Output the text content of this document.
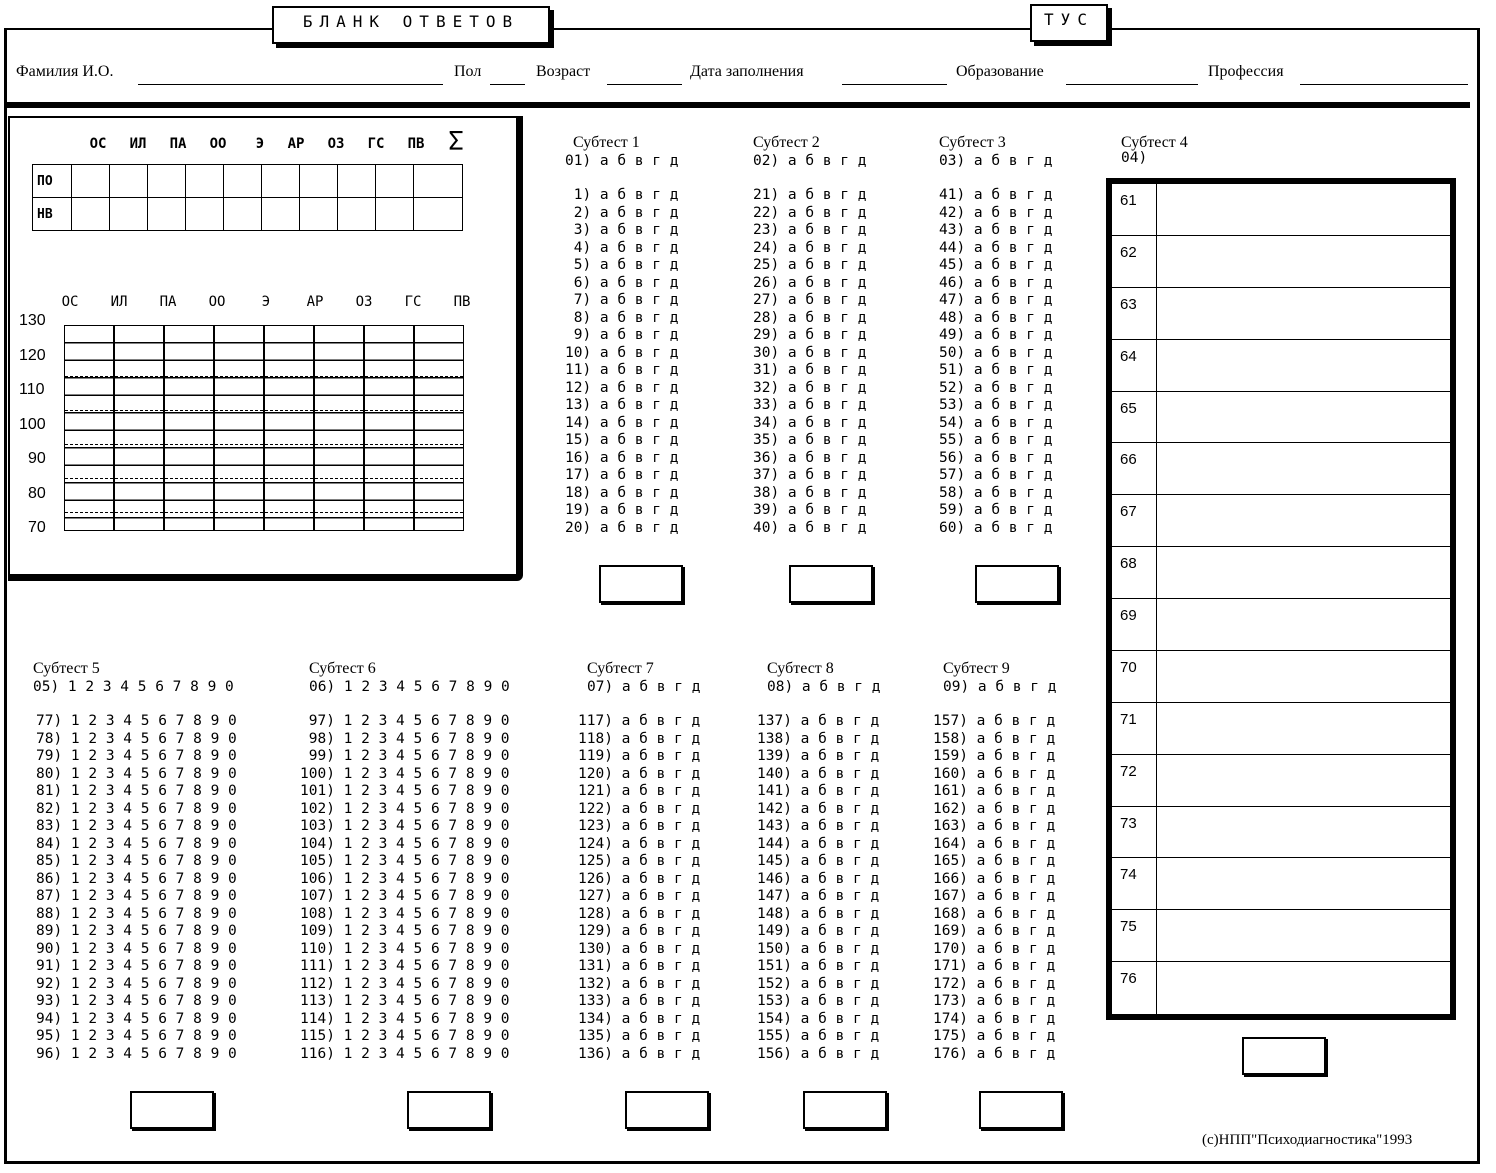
БЛАНК ОТВЕТОВ	ТУС
Фамилия И.О.	Пол	Возраст	Дата заполнения	Образование	Профессия
ОС	ИЛ	ПА	ОО	Э	АР	ОЗ	ГС	ПВ Σ
ПО										
НВ										
ОС	ИЛ	ПА	ОО	Э	АР	ОЗ	ГС	ПВ
130
120
110
100
90
80
70
Субтест 1
01) а б в г д
1) а б в г д
2) а б в г д
3) а б в г д
4) а б в г д
5) а б в г д
6) а б в г д
7) а б в г д
8) а б в г д
9) а б в г д
10) а б в г д
11) а б в г д
12) а б в г д
13) а б в г д
14) а б в г д
15) а б в г д
16) а б в г д
17) а б в г д
18) а б в г д
19) а б в г д
20) а б в г д
Субтест 2
02) а б в г д
21) а б в г д
22) а б в г д
23) а б в г д
24) а б в г д
25) а б в г д
26) а б в г д
27) а б в г д
28) а б в г д
29) а б в г д
30) а б в г д
31) а б в г д
32) а б в г д
33) а б в г д
34) а б в г д
35) а б в г д
36) а б в г д
37) а б в г д
38) а б в г д
39) а б в г д
40) а б в г д
Субтест 3
03) а б в г д
41) а б в г д
42) а б в г д
43) а б в г д
44) а б в г д
45) а б в г д
46) а б в г д
47) а б в г д
48) а б в г д
49) а б в г д
50) а б в г д
51) а б в г д
52) а б в г д
53) а б в г д
54) а б в г д
55) а б в г д
56) а б в г д
57) а б в г д
58) а б в г д
59) а б в г д
60) а б в г д
Субтест 4
04)
61
62
63
64
65
66
67
68
69
70
71
72
73
74
75
76
Субтест 5
05) 1 2 3 4 5 6 7 8 9 0
77) 1 2 3 4 5 6 7 8 9 0
78) 1 2 3 4 5 6 7 8 9 0
79) 1 2 3 4 5 6 7 8 9 0
80) 1 2 3 4 5 6 7 8 9 0
81) 1 2 3 4 5 6 7 8 9 0
82) 1 2 3 4 5 6 7 8 9 0
83) 1 2 3 4 5 6 7 8 9 0
84) 1 2 3 4 5 6 7 8 9 0
85) 1 2 3 4 5 6 7 8 9 0
86) 1 2 3 4 5 6 7 8 9 0
87) 1 2 3 4 5 6 7 8 9 0
88) 1 2 3 4 5 6 7 8 9 0
89) 1 2 3 4 5 6 7 8 9 0
90) 1 2 3 4 5 6 7 8 9 0
91) 1 2 3 4 5 6 7 8 9 0
92) 1 2 3 4 5 6 7 8 9 0
93) 1 2 3 4 5 6 7 8 9 0
94) 1 2 3 4 5 6 7 8 9 0
95) 1 2 3 4 5 6 7 8 9 0
96) 1 2 3 4 5 6 7 8 9 0
Субтест 6
06) 1 2 3 4 5 6 7 8 9 0
97) 1 2 3 4 5 6 7 8 9 0
98) 1 2 3 4 5 6 7 8 9 0
99) 1 2 3 4 5 6 7 8 9 0
100) 1 2 3 4 5 6 7 8 9 0
101) 1 2 3 4 5 6 7 8 9 0
102) 1 2 3 4 5 6 7 8 9 0
103) 1 2 3 4 5 6 7 8 9 0
104) 1 2 3 4 5 6 7 8 9 0
105) 1 2 3 4 5 6 7 8 9 0
106) 1 2 3 4 5 6 7 8 9 0
107) 1 2 3 4 5 6 7 8 9 0
108) 1 2 3 4 5 6 7 8 9 0
109) 1 2 3 4 5 6 7 8 9 0
110) 1 2 3 4 5 6 7 8 9 0
111) 1 2 3 4 5 6 7 8 9 0
112) 1 2 3 4 5 6 7 8 9 0
113) 1 2 3 4 5 6 7 8 9 0
114) 1 2 3 4 5 6 7 8 9 0
115) 1 2 3 4 5 6 7 8 9 0
116) 1 2 3 4 5 6 7 8 9 0
Субтест 7
07) а б в г д
117) а б в г д
118) а б в г д
119) а б в г д
120) а б в г д
121) а б в г д
122) а б в г д
123) а б в г д
124) а б в г д
125) а б в г д
126) а б в г д
127) а б в г д
128) а б в г д
129) а б в г д
130) а б в г д
131) а б в г д
132) а б в г д
133) а б в г д
134) а б в г д
135) а б в г д
136) а б в г д
Субтест 8
08) а б в г д
137) а б в г д
138) а б в г д
139) а б в г д
140) а б в г д
141) а б в г д
142) а б в г д
143) а б в г д
144) а б в г д
145) а б в г д
146) а б в г д
147) а б в г д
148) а б в г д
149) а б в г д
150) а б в г д
151) а б в г д
152) а б в г д
153) а б в г д
154) а б в г д
155) а б в г д
156) а б в г д
Субтест 9
09) а б в г д
157) а б в г д
158) а б в г д
159) а б в г д
160) а б в г д
161) а б в г д
162) а б в г д
163) а б в г д
164) а б в г д
165) а б в г д
166) а б в г д
167) а б в г д
168) а б в г д
169) а б в г д
170) а б в г д
171) а б в г д
172) а б в г д
173) а б в г д
174) а б в г д
175) а б в г д
176) а б в г д
(c)НПП"Психодиагностика"1993
